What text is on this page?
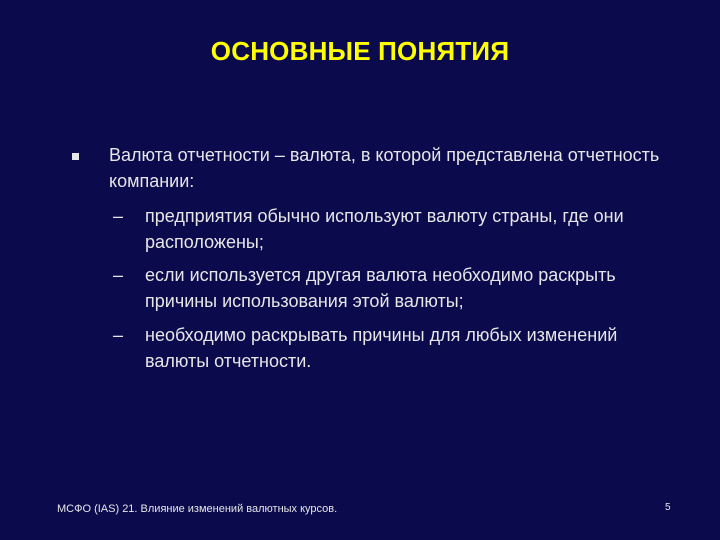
ОСНОВНЫЕ ПОНЯТИЯ
Валюта отчетности – валюта, в которой представлена отчетность компании:
– предприятия обычно используют валюту страны, где они расположены;
– если используется другая валюта необходимо раскрыть причины использования этой валюты;
– необходимо раскрывать причины для любых изменений валюты отчетности.
МСФО (IAS) 21. Влияние изменений валютных курсов.	5
